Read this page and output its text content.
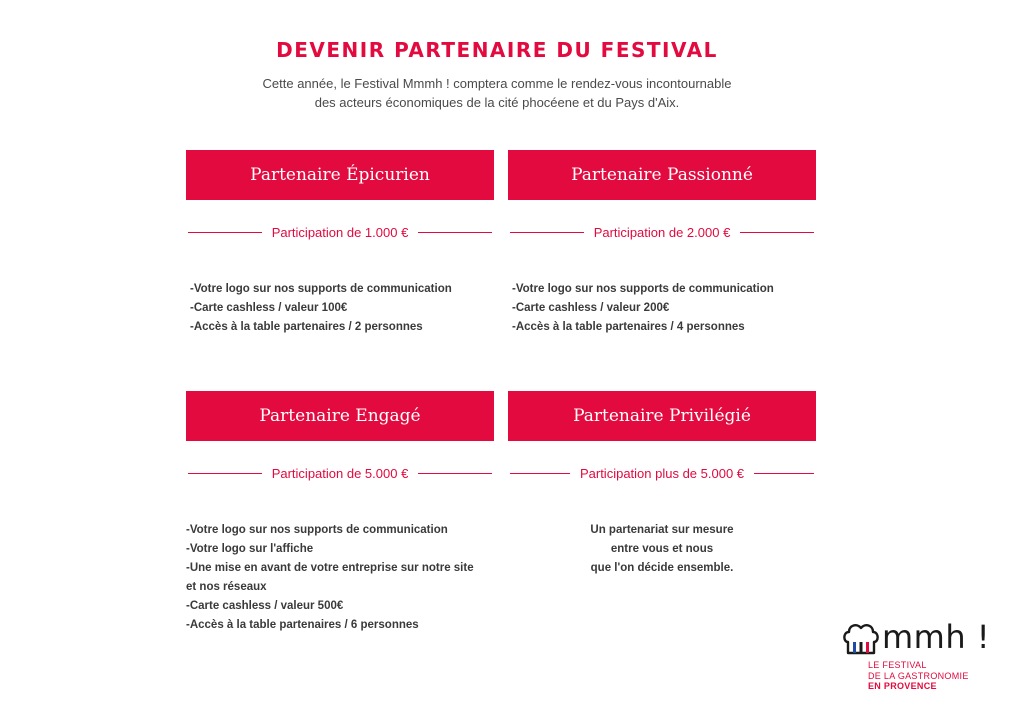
DEVENIR PARTENAIRE DU FESTIVAL
Cette année, le Festival Mmmh ! comptera comme le rendez-vous incontournable
des acteurs économiques de la cité phocéene et du Pays d'Aix.
Partenaire Épicurien
Participation de 1.000 €
-Votre logo sur nos supports de communication
-Carte cashless / valeur 100€
-Accès à la table partenaires / 2 personnes
Partenaire Passionné
Participation de 2.000 €
-Votre logo sur nos supports de communication
-Carte cashless / valeur 200€
-Accès à la table partenaires / 4 personnes
Partenaire Engagé
Participation de 5.000 €
-Votre logo sur nos supports de communication
-Votre logo sur l'affiche
-Une mise en avant de votre entreprise sur notre site
et nos réseaux
-Carte cashless / valeur 500€
-Accès à la table partenaires / 6 personnes
Partenaire Privilégié
Participation plus de 5.000 €
Un partenariat sur mesure
entre vous et nous
que l'on décide ensemble.
mmh !
LE FESTIVAL
DE LA GASTRONOMIE
EN PROVENCE
